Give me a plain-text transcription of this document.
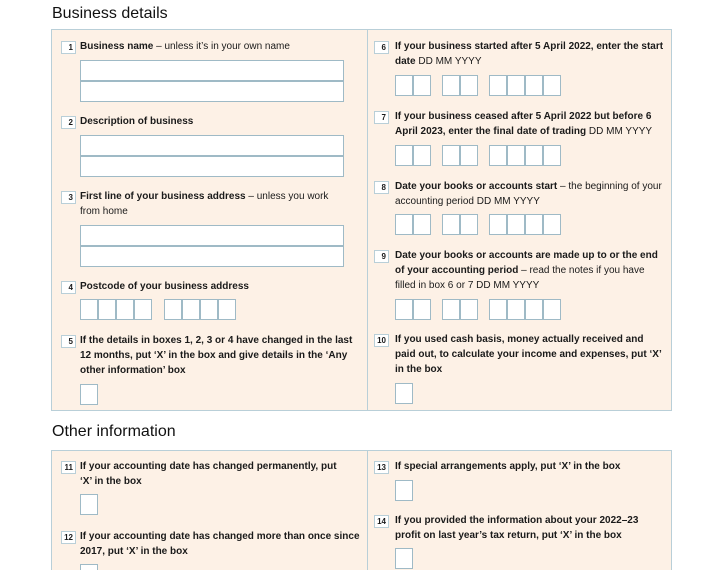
Business details
1 Business name – unless it’s in your own name
2 Description of business
3 First line of your business address – unless you work from home
4 Postcode of your business address
5 If the details in boxes 1, 2, 3 or 4 have changed in the last 12 months, put ‘X’ in the box and give details in the ‘Any other information’ box
6 If your business started after 5 April 2022, enter the start date DD MM YYYY
7 If your business ceased after 5 April 2022 but before 6 April 2023, enter the final date of trading DD MM YYYY
8 Date your books or accounts start – the beginning of your accounting period DD MM YYYY
9 Date your books or accounts are made up to or the end of your accounting period – read the notes if you have filled in box 6 or 7 DD MM YYYY
10 If you used cash basis, money actually received and paid out, to calculate your income and expenses, put ‘X’ in the box
Other information
11 If your accounting date has changed permanently, put ‘X’ in the box
12 If your accounting date has changed more than once since 2017, put ‘X’ in the box
13 If special arrangements apply, put ‘X’ in the box
14 If you provided the information about your 2022–23 profit on last year’s tax return, put ‘X’ in the box
